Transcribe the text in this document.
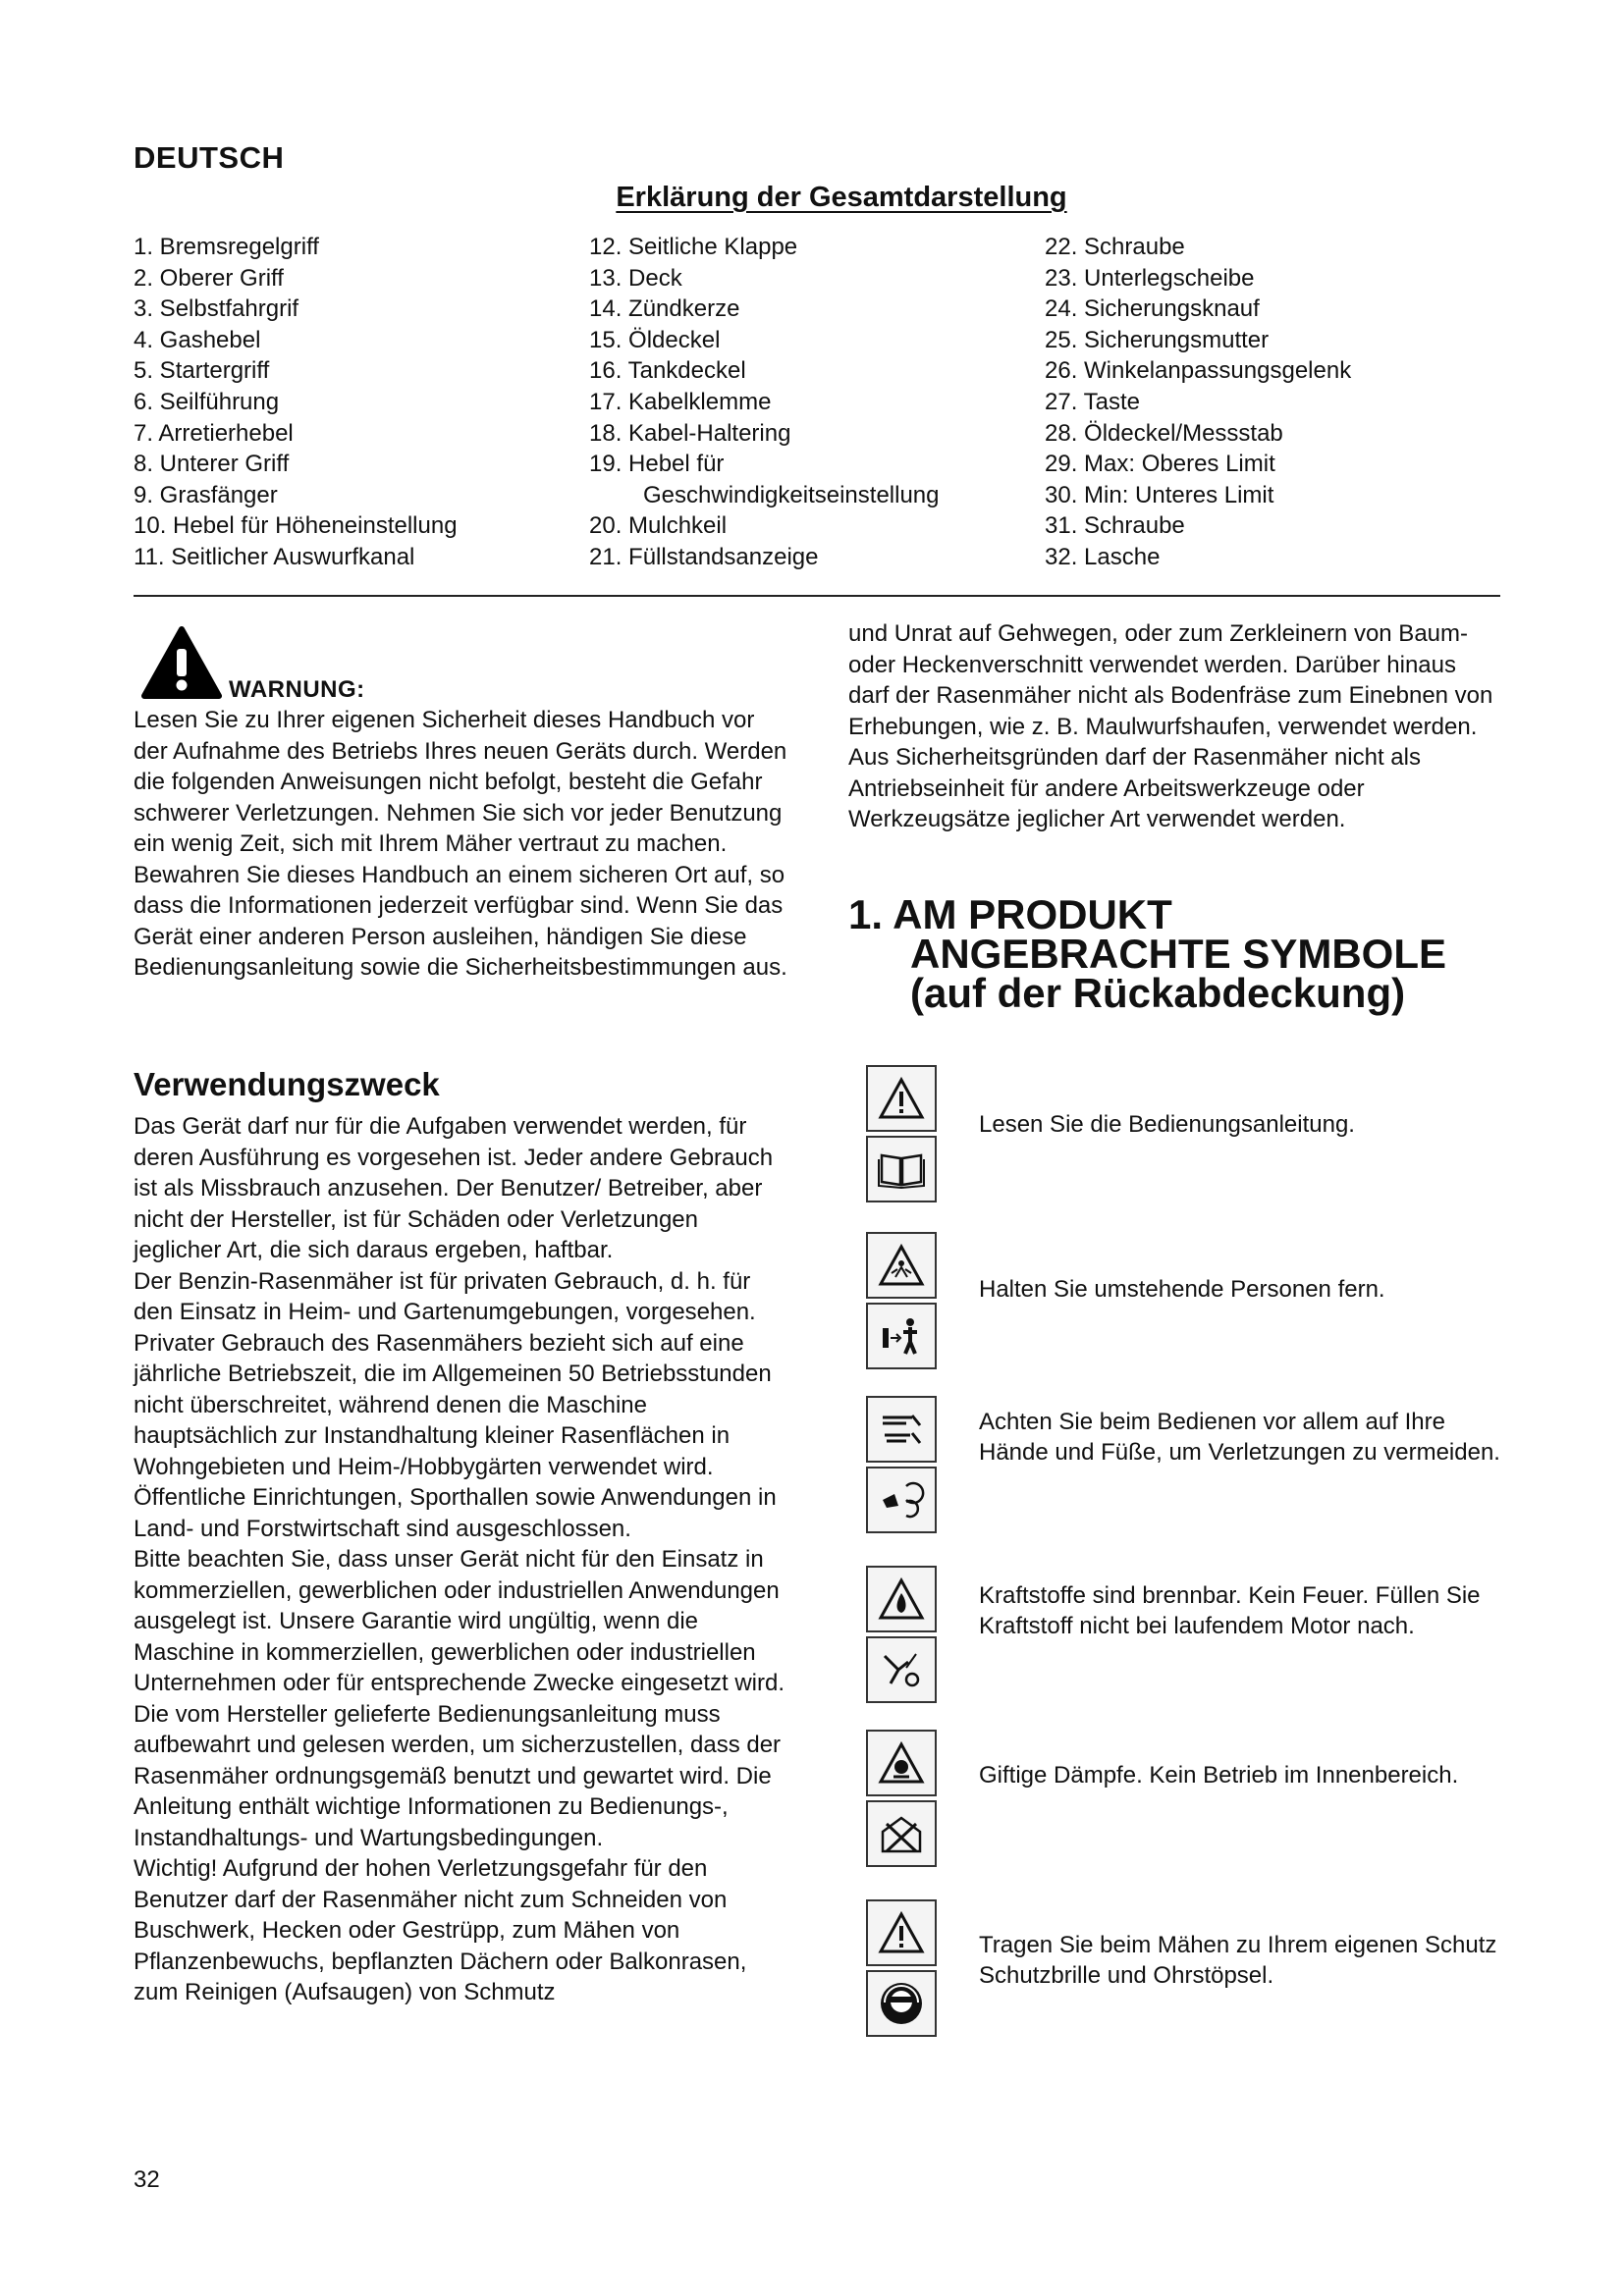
DEUTSCH
Erklärung der Gesamtdarstellung
1. Bremsregelgriff
2. Oberer Griff
3. Selbstfahrgrif
4. Gashebel
5. Startergriff
6. Seilführung
7. Arretierhebel
8. Unterer Griff
9. Grasfänger
10. Hebel für Höheneinstellung
11. Seitlicher Auswurfkanal
12. Seitliche Klappe
13. Deck
14. Zündkerze
15. Öldeckel
16. Tankdeckel
17. Kabelklemme
18. Kabel-Haltering
19. Hebel für
Geschwindigkeitseinstellung
20. Mulchkeil
21. Füllstandsanzeige
22. Schraube
23. Unterlegscheibe
24. Sicherungsknauf
25. Sicherungsmutter
26. Winkelanpassungsgelenk
27. Taste
28. Öldeckel/Messstab
29. Max: Oberes Limit
30. Min: Unteres Limit
31. Schraube
32. Lasche
WARNUNG:
Lesen Sie zu Ihrer eigenen Sicherheit dieses Handbuch vor der Aufnahme des Betriebs Ihres neuen Geräts durch. Werden die folgenden Anweisungen nicht befolgt, besteht die Gefahr schwerer Verletzungen. Nehmen Sie sich vor jeder Benutzung ein wenig Zeit, sich mit Ihrem Mäher vertraut zu machen. Bewahren Sie dieses Handbuch an einem sicheren Ort auf, so dass die Informationen jederzeit verfügbar sind. Wenn Sie das Gerät einer anderen Person ausleihen, händigen Sie diese Bedienungsanleitung sowie die Sicherheitsbestimmungen aus.
Verwendungszweck

Das Gerät darf nur für die Aufgaben verwendet werden, für deren Ausführung es vorgesehen ist. Jeder andere Gebrauch ist als Missbrauch anzusehen. Der Benutzer/ Betreiber, aber nicht der Hersteller, ist für Schäden oder Verletzungen jeglicher Art, die sich daraus ergeben, haftbar.

Der Benzin-Rasenmäher ist für privaten Gebrauch, d. h. für den Einsatz in Heim- und Gartenumgebungen, vorgesehen. Privater Gebrauch des Rasenmähers bezieht sich auf eine jährliche Betriebszeit, die im Allgemeinen 50 Betriebsstunden nicht überschreitet, während denen die Maschine hauptsächlich zur Instandhaltung kleiner Rasenflächen in Wohngebieten und Heim-/Hobbygärten verwendet wird. Öffentliche Einrichtungen, Sporthallen sowie Anwendungen in Land- und Forstwirtschaft sind ausgeschlossen.

Bitte beachten Sie, dass unser Gerät nicht für den Einsatz in kommerziellen, gewerblichen oder industriellen Anwendungen ausgelegt ist. Unsere Garantie wird ungültig, wenn die Maschine in kommerziellen, gewerblichen oder industriellen Unternehmen oder für entsprechende Zwecke eingesetzt wird. Die vom Hersteller gelieferte Bedienungsanleitung muss aufbewahrt und gelesen werden, um sicherzustellen, dass der Rasenmäher ordnungsgemäß benutzt und gewartet wird. Die Anleitung enthält wichtige Informationen zu Bedienungs-, Instandhaltungs- und Wartungsbedingungen.

Wichtig! Aufgrund der hohen Verletzungsgefahr für den Benutzer darf der Rasenmäher nicht zum Schneiden von Buschwerk, Hecken oder Gestrüpp, zum Mähen von Pflanzenbewuchs, bepflanzten Dächern oder Balkonrasen, zum Reinigen (Aufsaugen) von Schmutz

und Unrat auf Gehwegen, oder zum Zerkleinern von Baum- oder Heckenverschnitt verwendet werden. Darüber hinaus darf der Rasenmäher nicht als Bodenfräse zum Einebnen von Erhebungen, wie z. B. Maulwurfshaufen, verwendet werden.

Aus Sicherheitsgründen darf der Rasenmäher nicht als Antriebseinheit für andere Arbeitswerkzeuge oder Werkzeugsätze jeglicher Art verwendet werden.

1. AM PRODUKT
ANGEBRACHTE SYMBOLE
(auf der Rückabdeckung)
Lesen Sie die Bedienungsanleitung.
Halten Sie umstehende Personen fern.
Achten Sie beim Bedienen vor allem auf Ihre Hände und Füße, um Verletzungen zu vermeiden.
Kraftstoffe sind brennbar. Kein Feuer. Füllen Sie Kraftstoff nicht bei laufendem Motor nach.
Giftige Dämpfe. Kein Betrieb im Innenbereich.
Tragen Sie beim Mähen zu Ihrem eigenen Schutz Schutzbrille und Ohrstöpsel.
32
